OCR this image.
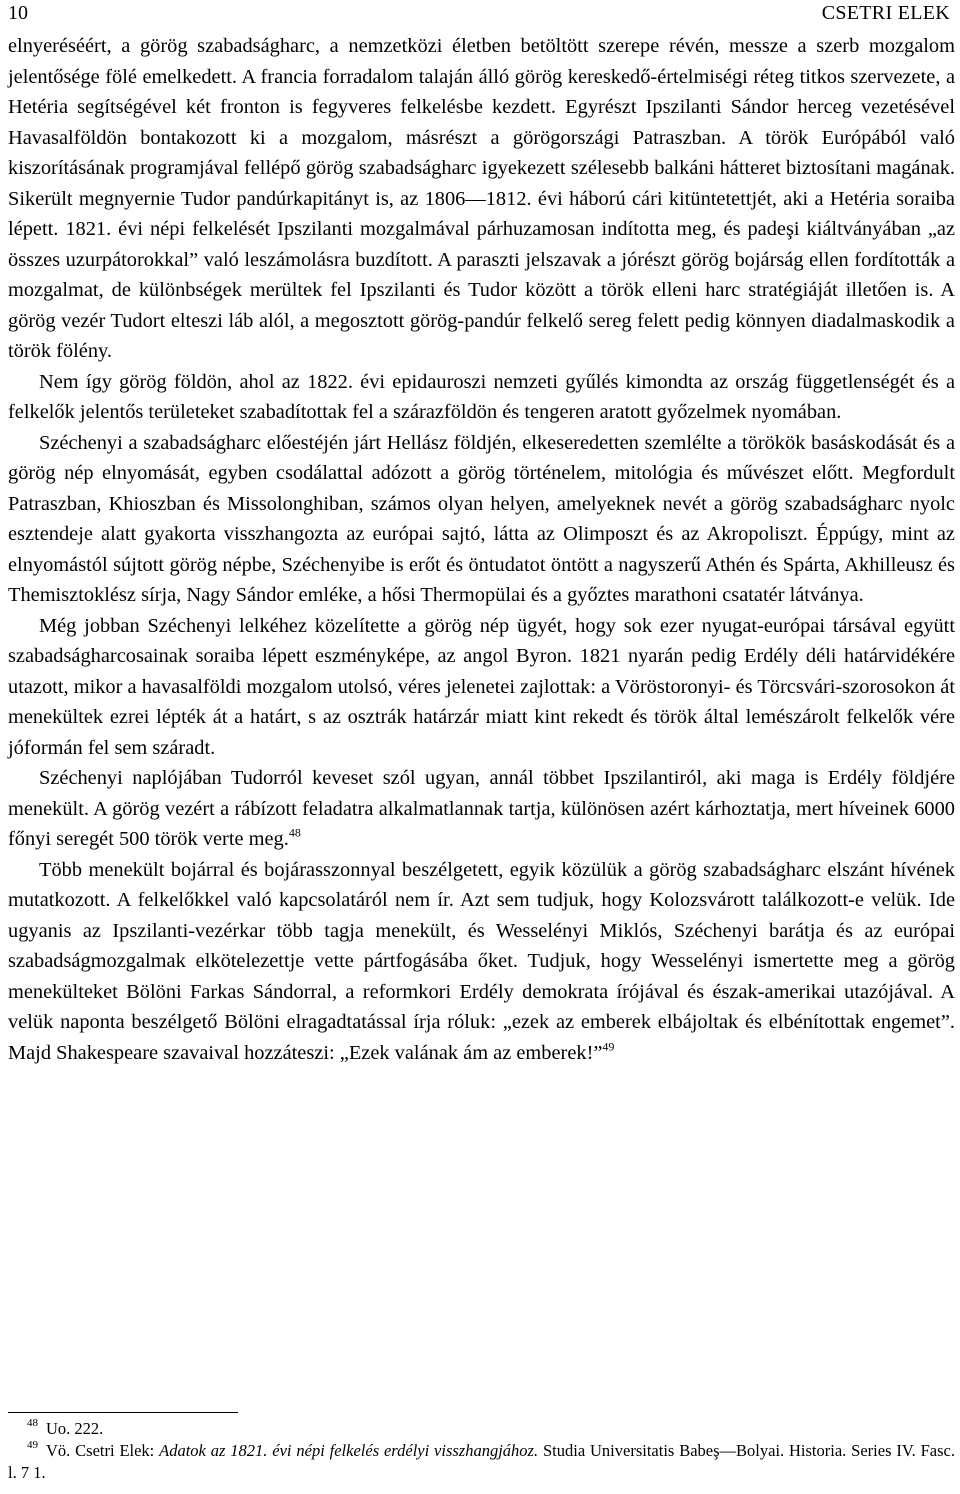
10	CSETRI ELEK

elnyeréséért, a görög szabadságharc, a nemzetközi életben betöltött szerepe révén, messze a szerb mozgalom jelentősége fölé emelkedett. A francia forradalom talaján álló görög kereskedő-értelmiségi réteg titkos szervezete, a Hetéria segítségével két fronton is fegyveres felkelésbe kezdett. Egyrészt Ipszilanti Sándor herceg vezetésével Havasalföldön bontakozott ki a mozgalom, másrészt a görögországi Patraszban. A török Európából való kiszorításának programjával fellépő görög szabadságharc igyekezett szélesebb balkáni hátteret biztosítani magának. Sikerült megnyernie Tudor pandúrkapitányt is, az 1806—1812. évi háború cári kitüntetettjét, aki a Hetéria soraiba lépett. 1821. évi népi felkelését Ipszilanti mozgalmával párhuzamosan indította meg, és padeşi kiáltványában „az összes uzurpátorokkal” való leszámolásra buzdított. A paraszti jelszavak a jórészt görög bojárság ellen fordították a mozgalmat, de különbségek merültek fel Ipszilanti és Tudor között a török elleni harc stratégiáját illetően is. A görög vezér Tudort elteszi láb alól, a megosztott görög-pandúr felkelő sereg felett pedig könnyen diadalmaskodik a török fölény.

Nem így görög földön, ahol az 1822. évi epidauroszi nemzeti gyűlés kimondta az ország függetlenségét és a felkelők jelentős területeket szabadítottak fel a szárazföldön és tengeren aratott győzelmek nyomában.

Széchenyi a szabadságharc előestéjén járt Hellász földjén, elkeseredetten szemlélte a törökök basáskodását és a görög nép elnyomását, egyben csodálattal adózott a görög történelem, mitológia és művészet előtt. Megfordult Patraszban, Khioszban és Missolonghiban, számos olyan helyen, amelyeknek nevét a görög szabadságharc nyolc esztendeje alatt gyakorta visszhangozta az európai sajtó, látta az Olimposzt és az Akropoliszt. Éppúgy, mint az elnyomástól sújtott görög népbe, Széchenyibe is erőt és öntudatot öntött a nagyszerű Athén és Spárta, Akhilleusz és Themisztoklész sírja, Nagy Sándor emléke, a hősi Thermopülai és a győztes marathoni csatatér látványa.

Még jobban Széchenyi lelkéhez közelítette a görög nép ügyét, hogy sok ezer nyugat-európai társával együtt szabadságharcosainak soraiba lépett eszményképe, az angol Byron. 1821 nyarán pedig Erdély déli határvidékére utazott, mikor a havasalföldi mozgalom utolsó, véres jelenetei zajlottak: a Vöröstoronyi- és Törcsvári-szorosokon át menekültek ezrei lépték át a határt, s az osztrák határzár miatt kint rekedt és török által lemészárolt felkelők vére jóformán fel sem száradt.

Széchenyi naplójában Tudorról keveset szól ugyan, annál többet Ipszilantiról, aki maga is Erdély földjére menekült. A görög vezért a rábízott feladatra alkalmatlannak tartja, különösen azért kárhoztatja, mert híveinek 6000 főnyi seregét 500 török verte meg.$^{48}$

Több menekült bojárral és bojárasszonnyal beszélgetett, egyik közülük a görög szabadságharc elszánt hívének mutatkozott. A felkelőkkel való kapcsolatáról nem ír. Azt sem tudjuk, hogy Kolozsvárott találkozott-e velük. Ide ugyanis az Ipszilanti-vezérkar több tagja menekült, és Wesselényi Miklós, Széchenyi barátja és az európai szabadságmozgalmak elkötelezettje vette pártfogásába őket. Tudjuk, hogy Wesselényi ismertette meg a görög menekülteket Bölöni Farkas Sándorral, a reformkori Erdély demokrata írójával és észak-amerikai utazójával. A velük naponta beszélgető Bölöni elragadtatással írja róluk: „ezek az emberek elbájoltak és elbénítottak engemet”. Majd Shakespeare szavaival hozzáteszi: „Ezek valának ám az emberek!”$^{49}$

48 Uo. 222.

49 Vö. Csetri Elek: Adatok az 1821. évi népi felkelés erdélyi visszhangjához. Studia Universitatis Babeş—Bolyai. Historia. Series IV. Fasc. l. 7 1.
